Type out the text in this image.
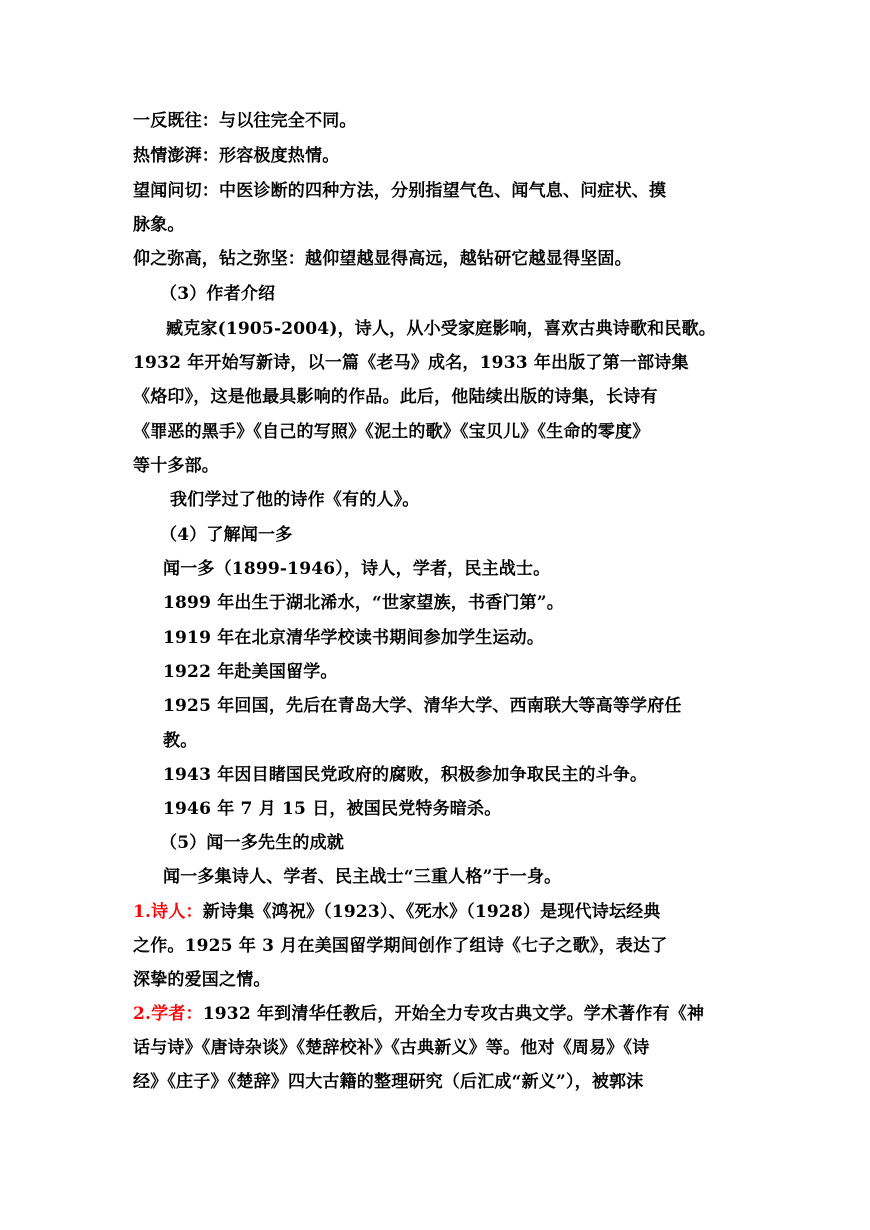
一反既往：与以往完全不同。
热情澎湃：形容极度热情。
望闻问切：中医诊断的四种方法，分别指望气色、闻气息、问症状、摸
脉象。
仰之弥高，钻之弥坚：越仰望越显得高远，越钻研它越显得坚固。
（3）作者介绍
臧克家(1905-2004)，诗人，从小受家庭影响，喜欢古典诗歌和民歌。
1932 年开始写新诗，以一篇《老马》成名，1933 年出版了第一部诗集
《烙印》，这是他最具影响的作品。此后，他陆续出版的诗集，长诗有
《罪恶的黑手》《自己的写照》《泥土的歌》《宝贝儿》《生命的零度》
等十多部。
我们学过了他的诗作《有的人》。
（4）了解闻一多
闻一多（1899-1946），诗人，学者，民主战士。
1899 年出生于湖北浠水，“世家望族，书香门第”。
1919 年在北京清华学校读书期间参加学生运动。
1922 年赴美国留学。
1925 年回国，先后在青岛大学、清华大学、西南联大等高等学府任
教。
1943 年因目睹国民党政府的腐败，积极参加争取民主的斗争。
1946 年 7 月 15 日，被国民党特务暗杀。
（5）闻一多先生的成就
闻一多集诗人、学者、民主战士“三重人格”于一身。
1.诗人：新诗集《鸿祝》（1923）、《死水》（1928）是现代诗坛经典
之作。1925 年 3 月在美国留学期间创作了组诗《七子之歌》，表达了
深挚的爱国之情。
2.学者：1932 年到清华任教后，开始全力专攻古典文学。学术著作有《神
话与诗》《唐诗杂谈》《楚辞校补》《古典新义》等。他对《周易》《诗
经》《庄子》《楚辞》四大古籍的整理研究（后汇成“新义”），被郭沫
